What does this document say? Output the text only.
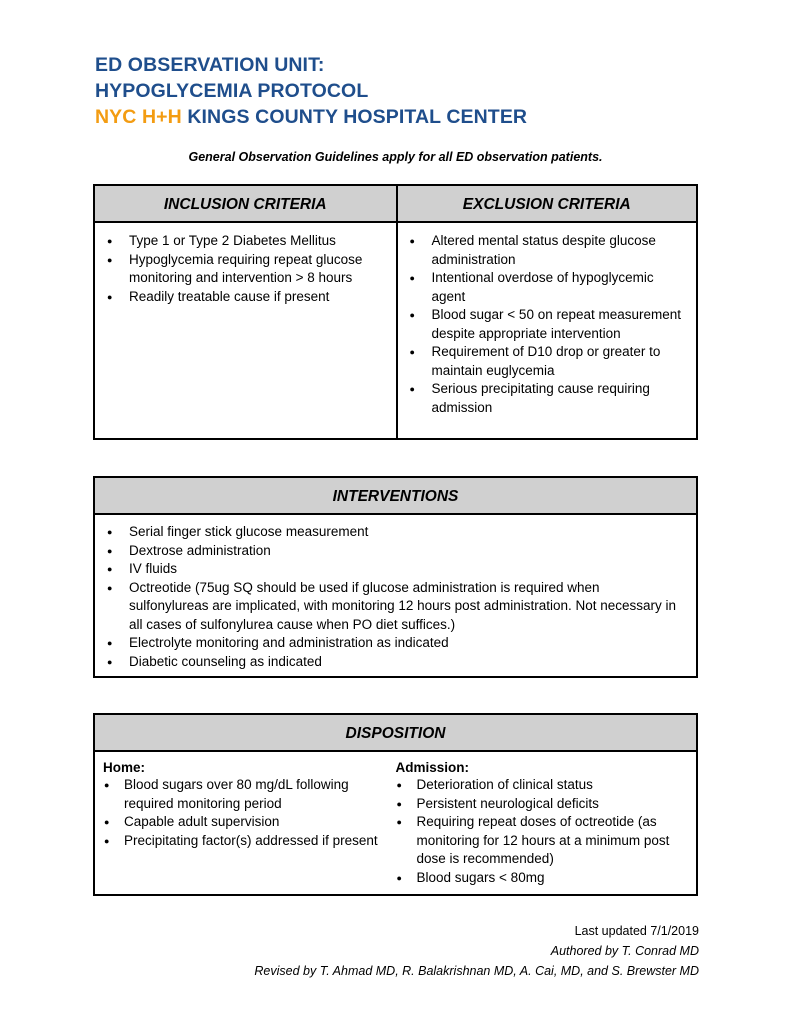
ED OBSERVATION UNIT:
HYPOGLYCEMIA PROTOCOL
NYC H+H KINGS COUNTY HOSPITAL CENTER
General Observation Guidelines apply for all ED observation patients.
INCLUSION CRITERIA
● Type 1 or Type 2 Diabetes Mellitus
● Hypoglycemia requiring repeat glucose monitoring and intervention > 8 hours
● Readily treatable cause if present
EXCLUSION CRITERIA
● Altered mental status despite glucose administration
● Intentional overdose of hypoglycemic agent
● Blood sugar < 50 on repeat measurement despite appropriate intervention
● Requirement of D10 drop or greater to maintain euglycemia
● Serious precipitating cause requiring admission
INTERVENTIONS
● Serial finger stick glucose measurement
● Dextrose administration
● IV fluids
● Octreotide (75ug SQ should be used if glucose administration is required when sulfonylureas are implicated, with monitoring 12 hours post administration. Not necessary in all cases of sulfonylurea cause when PO diet suffices.)
● Electrolyte monitoring and administration as indicated
● Diabetic counseling as indicated
DISPOSITION
Home:
● Blood sugars over 80 mg/dL following required monitoring period
● Capable adult supervision
● Precipitating factor(s) addressed if present
Admission:
● Deterioration of clinical status
● Persistent neurological deficits
● Requiring repeat doses of octreotide (as monitoring for 12 hours at a minimum post dose is recommended)
● Blood sugars < 80mg
Last updated 7/1/2019
Authored by T. Conrad MD
Revised by T. Ahmad MD, R. Balakrishnan MD, A. Cai, MD, and S. Brewster MD
